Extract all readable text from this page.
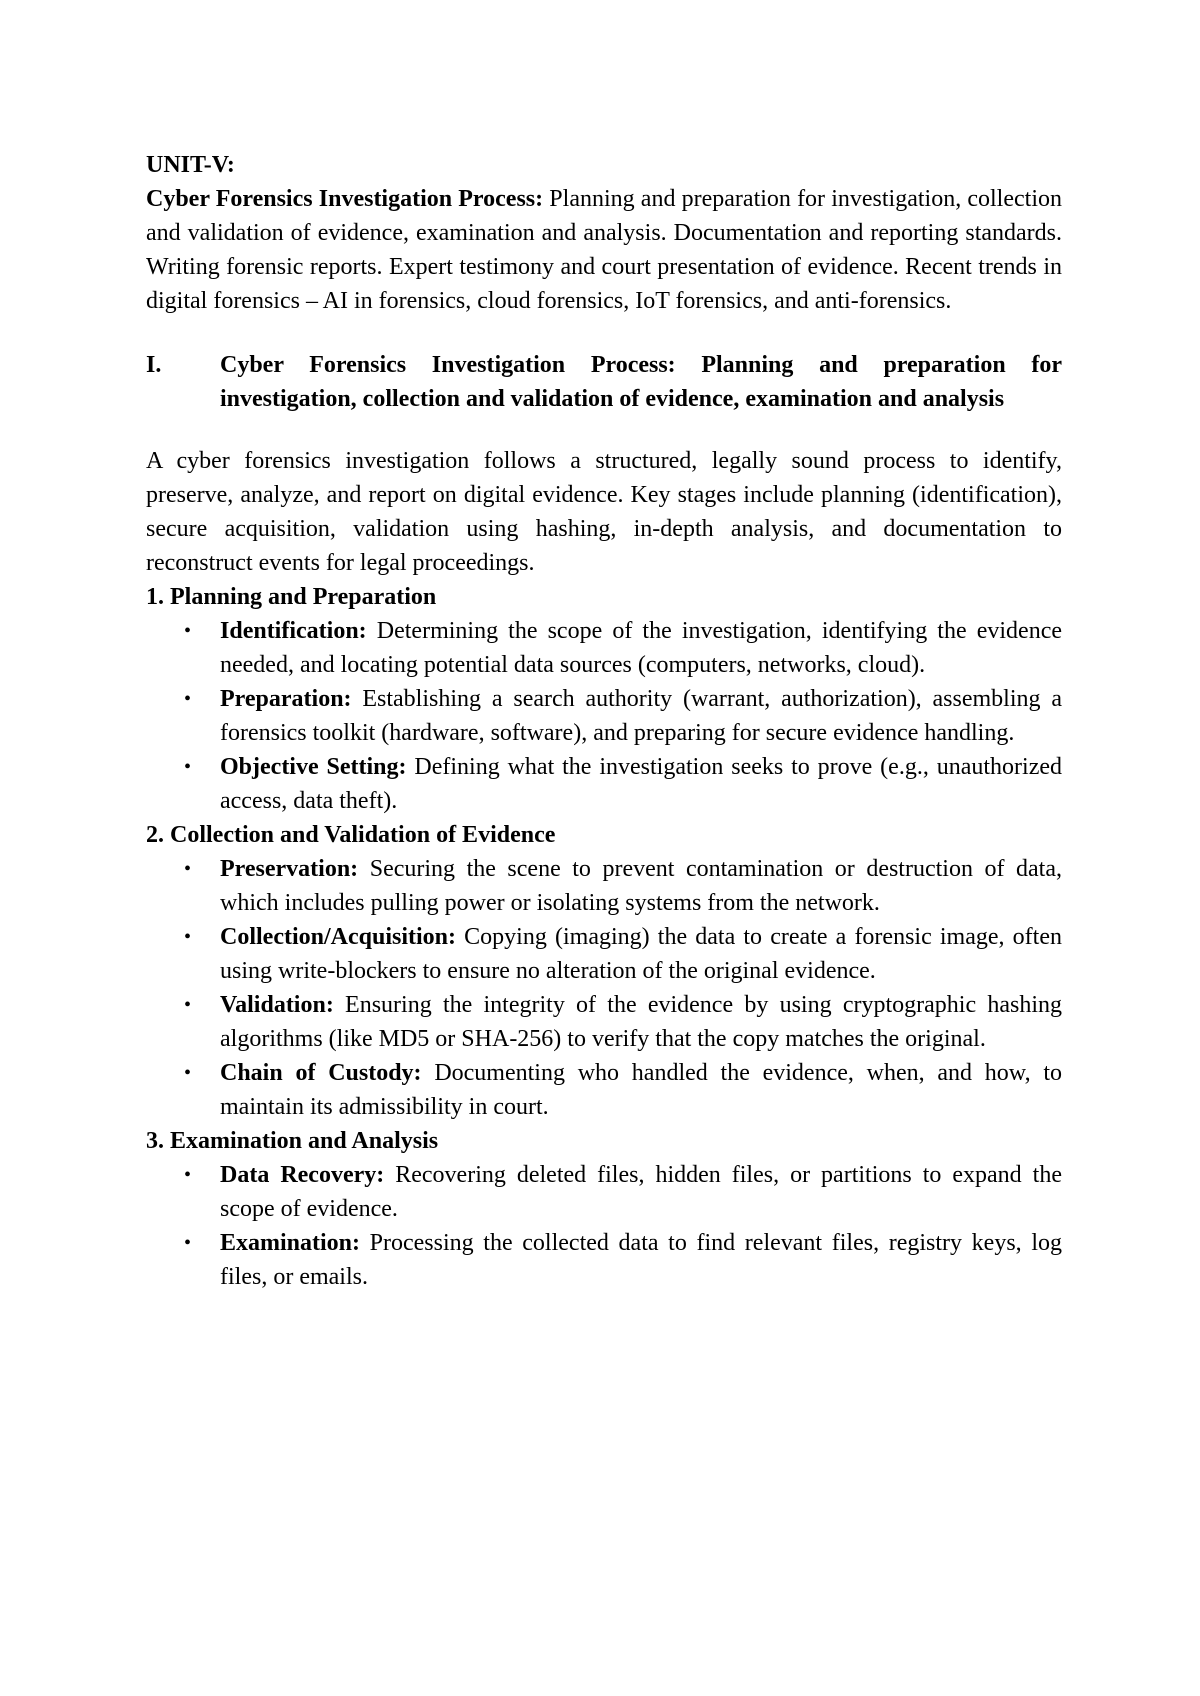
UNIT-V:

Cyber Forensics Investigation Process: Planning and preparation for investigation, collection and validation of evidence, examination and analysis. Documentation and reporting standards. Writing forensic reports. Expert testimony and court presentation of evidence. Recent trends in digital forensics – AI in forensics, cloud forensics, IoT forensics, and anti-forensics.

I.	Cyber Forensics Investigation Process: Planning and preparation for investigation, collection and validation of evidence, examination and analysis

A cyber forensics investigation follows a structured, legally sound process to identify, preserve, analyze, and report on digital evidence. Key stages include planning (identification), secure acquisition, validation using hashing, in-depth analysis, and documentation to reconstruct events for legal proceedings.

1. Planning and Preparation

• Identification: Determining the scope of the investigation, identifying the evidence needed, and locating potential data sources (computers, networks, cloud).
• Preparation: Establishing a search authority (warrant, authorization), assembling a forensics toolkit (hardware, software), and preparing for secure evidence handling.
• Objective Setting: Defining what the investigation seeks to prove (e.g., unauthorized access, data theft).

2. Collection and Validation of Evidence

• Preservation: Securing the scene to prevent contamination or destruction of data, which includes pulling power or isolating systems from the network.
• Collection/Acquisition: Copying (imaging) the data to create a forensic image, often using write-blockers to ensure no alteration of the original evidence.
• Validation: Ensuring the integrity of the evidence by using cryptographic hashing algorithms (like MD5 or SHA-256) to verify that the copy matches the original.
• Chain of Custody: Documenting who handled the evidence, when, and how, to maintain its admissibility in court.

3. Examination and Analysis

• Data Recovery: Recovering deleted files, hidden files, or partitions to expand the scope of evidence.
• Examination: Processing the collected data to find relevant files, registry keys, log files, or emails.
